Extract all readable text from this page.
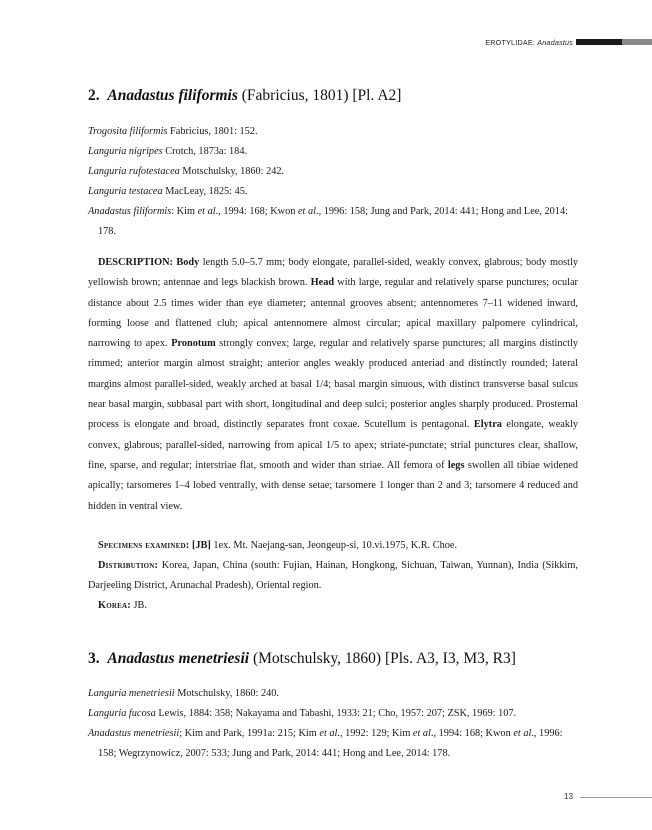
EROTYLIDAE: Anadastus
2. Anadastus filiformis (Fabricius, 1801) [Pl. A2]
Trogosita filiformis Fabricius, 1801: 152.
Languria nigripes Crotch, 1873a: 184.
Languria rufotestacea Motschulsky, 1860: 242.
Languria testacea MacLeay, 1825: 45.
Anadastus filiformis: Kim et al., 1994: 168; Kwon et al., 1996: 158; Jung and Park, 2014: 441; Hong and Lee, 2014: 178.
DESCRIPTION: Body length 5.0–5.7 mm; body elongate, parallel-sided, weakly convex, glabrous; body mostly yellowish brown; antennae and legs blackish brown. Head with large, regular and relatively sparse punctures; ocular distance about 2.5 times wider than eye diameter; antennal grooves absent; antennomeres 7–11 widened inward, forming loose and flattened club; apical antennomere almost circular; apical maxillary palpomere cylindrical, narrowing to apex. Pronotum strongly convex; large, regular and relatively sparse punctures; all margins distinctly rimmed; anterior margin almost straight; anterior angles weakly produced anteriad and distinctly rounded; lateral margins almost parallel-sided, weakly arched at basal 1/4; basal margin sinuous, with distinct transverse basal sulcus near basal margin, subbasal part with short, longitudinal and deep sulci; posterior angles sharply produced. Prosternal process is elongate and broad, distinctly separates front coxae. Scutellum is pentagonal. Elytra elongate, weakly convex, glabrous; parallel-sided, narrowing from apical 1/5 to apex; striate-punctate; strial punctures clear, shallow, fine, sparse, and regular; interstriae flat, smooth and wider than striae. All femora of legs swollen all tibiae widened apically; tarsomeres 1–4 lobed ventrally, with dense setae; tarsomere 1 longer than 2 and 3; tarsomere 4 reduced and hidden in ventral view.

Specimens examined: [JB] 1ex. Mt. Naejang-san, Jeongeup-si, 10.vi.1975, K.R. Choe.

Distribution: Korea, Japan, China (south: Fujian, Hainan, Hongkong, Sichuan, Taiwan, Yunnan), India (Sikkim, Darjeeling District, Arunachal Pradesh), Oriental region.

Korea: JB.

3. Anadastus menetriesii (Motschulsky, 1860) [Pls. A3, I3, M3, R3]
Languria menetriesii Motschulsky, 1860: 240.
Languria fucosa Lewis, 1884: 358; Nakayama and Tabashi, 1933: 21; Cho, 1957: 207; ZSK, 1969: 107.
Anadastus menetriesii; Kim and Park, 1991a: 215; Kim et al., 1992: 129; Kim et al., 1994: 168; Kwon et al., 1996: 158; Wegrzynowicz, 2007: 533; Jung and Park, 2014: 441; Hong and Lee, 2014: 178.
13
